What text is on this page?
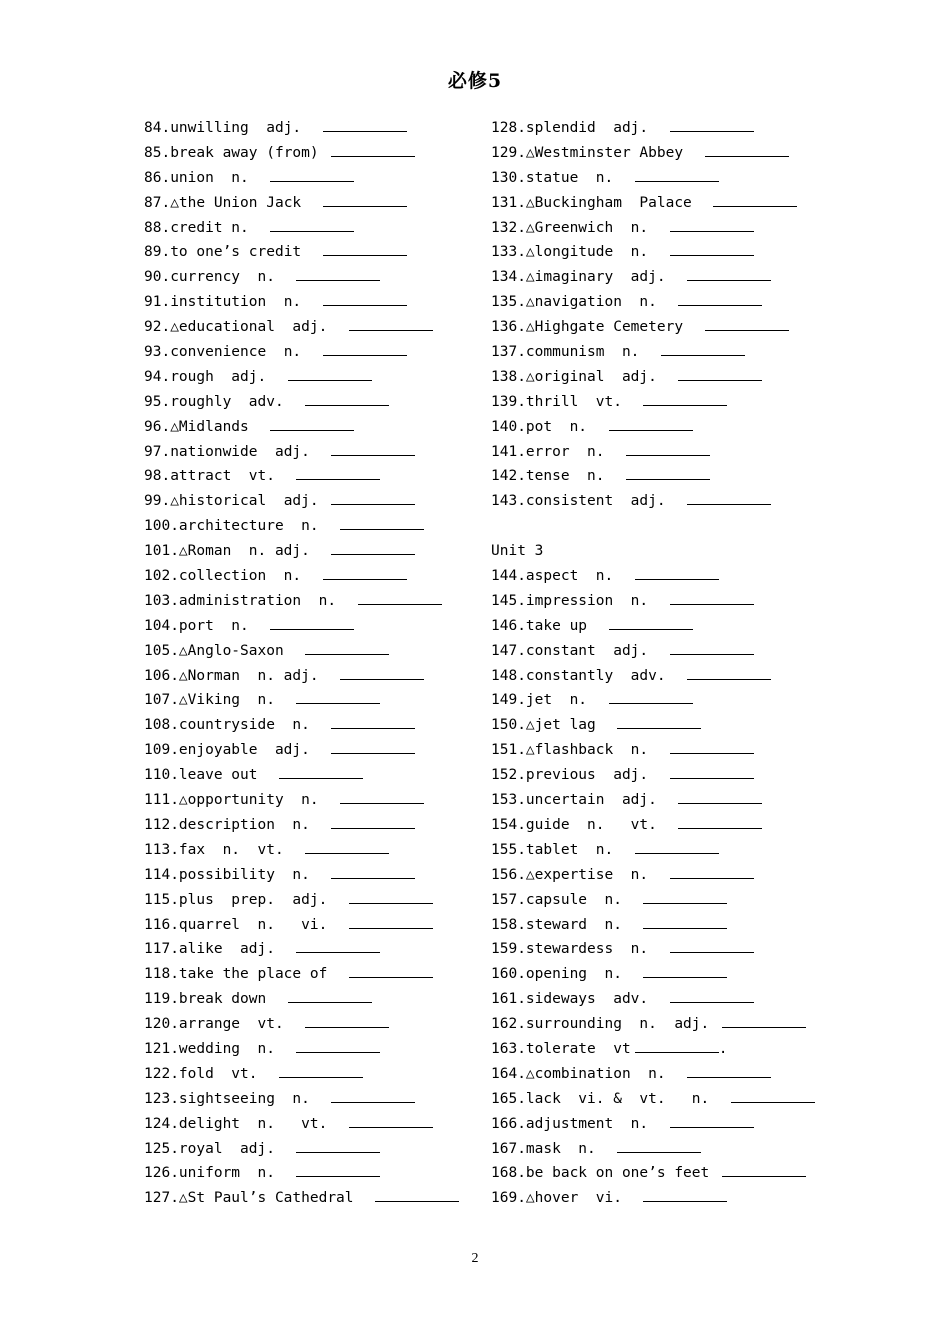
必修5
84.unwilling  adj.
85.break away (from)
86.union  n.
87.△the Union Jack
88.credit n.
89.to one’s credit
90.currency  n.
91.institution  n.
92.△educational  adj.
93.convenience  n.
94.rough  adj.
95.roughly  adv.
96.△Midlands
97.nationwide  adj.
98.attract  vt.
99.△historical  adj.
100.architecture  n.
101.△Roman  n. adj.
102.collection  n.
103.administration  n.
104.port  n.
105.△Anglo-Saxon
106.△Norman  n. adj.
107.△Viking  n.
108.countryside  n.
109.enjoyable  adj.
110.leave out
111.△opportunity  n.
112.description  n.
113.fax  n.  vt.
114.possibility  n.
115.plus  prep.  adj.
116.quarrel  n.   vi.
117.alike  adj.
118.take the place of
119.break down
120.arrange  vt.
121.wedding  n.
122.fold  vt.
123.sightseeing  n.
124.delight  n.   vt.
125.royal  adj.
126.uniform  n.
127.△St Paul’s Cathedral
128.splendid  adj.
129.△Westminster Abbey
130.statue  n.
131.△Buckingham  Palace
132.△Greenwich  n.
133.△longitude  n.
134.△imaginary  adj.
135.△navigation  n.
136.△Highgate Cemetery
137.communism  n.
138.△original  adj.
139.thrill  vt.
140.pot  n.
141.error  n.
142.tense  n.
143.consistent  adj.
Unit 3
144.aspect  n.
145.impression  n.
146.take up
147.constant  adj.
148.constantly  adv.
149.jet  n.
150.△jet lag
151.△flashback  n.
152.previous  adj.
153.uncertain  adj.
154.guide  n.   vt.
155.tablet  n.
156.△expertise  n.
157.capsule  n.
158.steward  n.
159.stewardess  n.
160.opening  n.
161.sideways  adv.
162.surrounding  n.  adj.
163.tolerate  vt	.
164.△combination  n.
165.lack  vi. &  vt.   n.
166.adjustment  n.
167.mask  n.
168.be back on one’s feet
169.△hover  vi.
2
